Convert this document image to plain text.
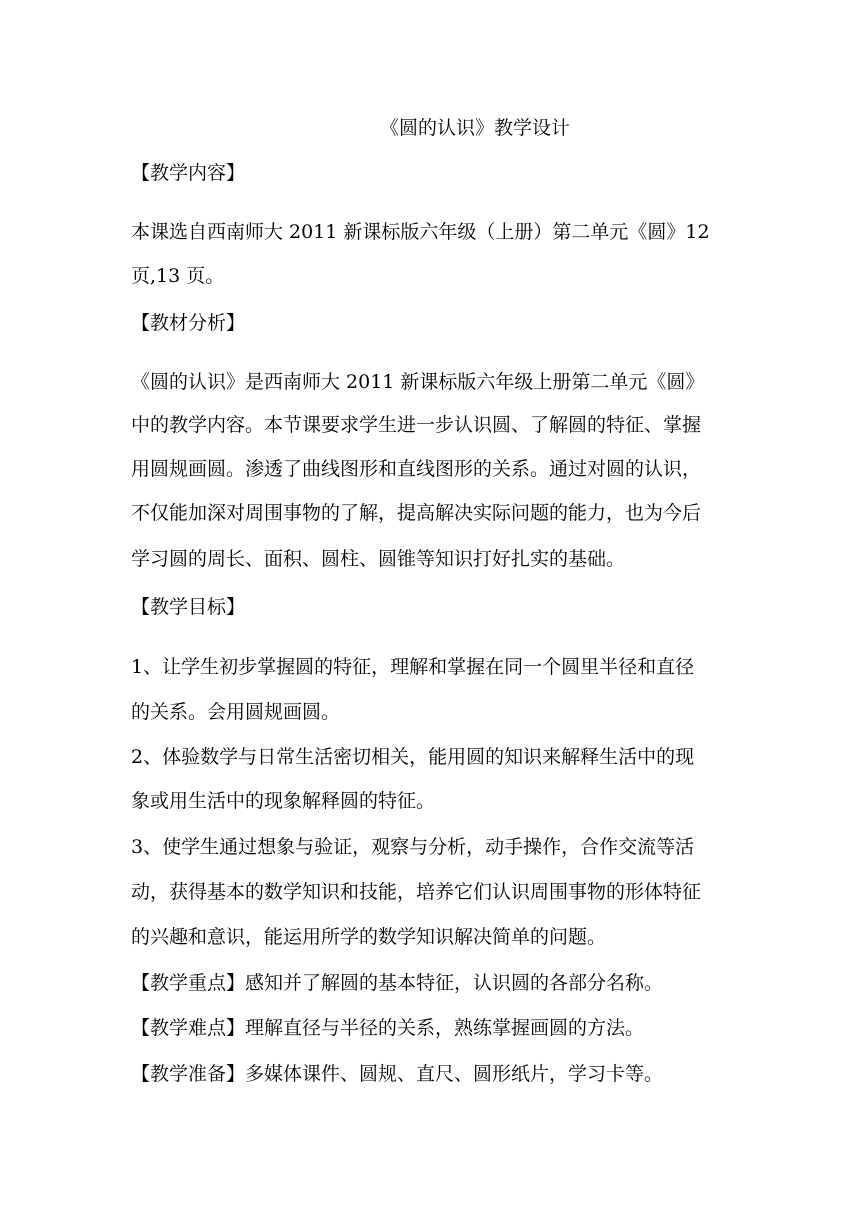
《圆的认识》教学设计
【教学内容】
本课选自西南师大 2011 新课标版六年级（上册）第二单元《圆》12
页,13 页。
【教材分析】
《圆的认识》是西南师大 2011 新课标版六年级上册第二单元《圆》
中的教学内容。本节课要求学生进一步认识圆、了解圆的特征、掌握
用圆规画圆。渗透了曲线图形和直线图形的关系。通过对圆的认识，
不仅能加深对周围事物的了解，提高解决实际问题的能力，也为今后
学习圆的周长、面积、圆柱、圆锥等知识打好扎实的基础。
【教学目标】
1、让学生初步掌握圆的特征，理解和掌握在同一个圆里半径和直径
的关系。会用圆规画圆。
2、体验数学与日常生活密切相关，能用圆的知识来解释生活中的现
象或用生活中的现象解释圆的特征。
3、使学生通过想象与验证，观察与分析，动手操作，合作交流等活
动，获得基本的数学知识和技能，培养它们认识周围事物的形体特征
的兴趣和意识，能运用所学的数学知识解决简单的问题。
【教学重点】感知并了解圆的基本特征，认识圆的各部分名称。
【教学难点】理解直径与半径的关系，熟练掌握画圆的方法。
【教学准备】多媒体课件、圆规、直尺、圆形纸片，学习卡等。
